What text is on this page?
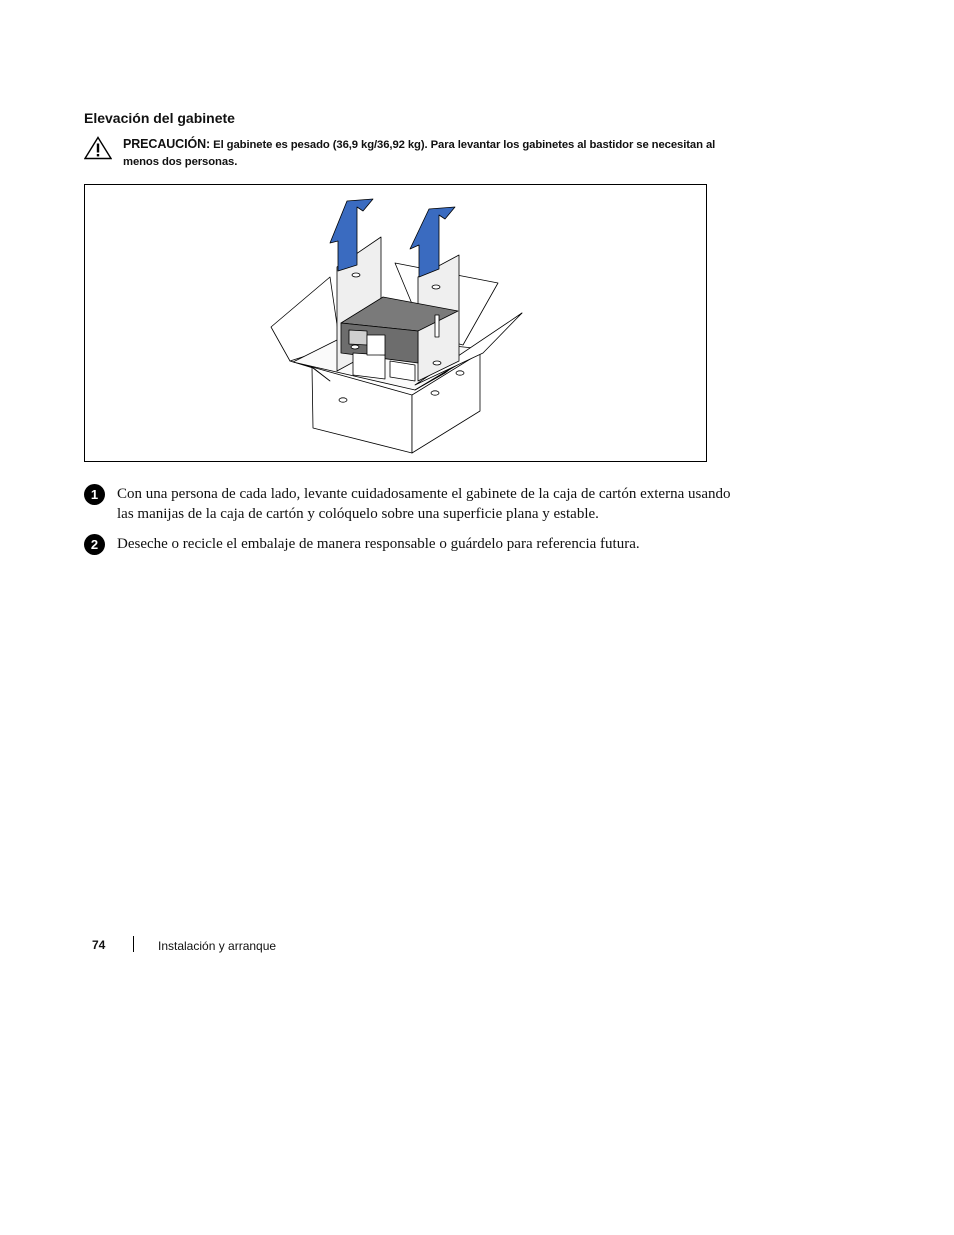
Elevación del gabinete
PRECAUCIÓN: El gabinete es pesado (36,9 kg/36,92 kg). Para levantar los gabinetes al bastidor se necesitan al menos dos personas.
1	Con una persona de cada lado, levante cuidadosamente el gabinete de la caja de cartón externa usando las manijas de la caja de cartón y colóquelo sobre una superficie plana y estable.
2	Deseche o recicle el embalaje de manera responsable o guárdelo para referencia futura.
74	Instalación y arranque
